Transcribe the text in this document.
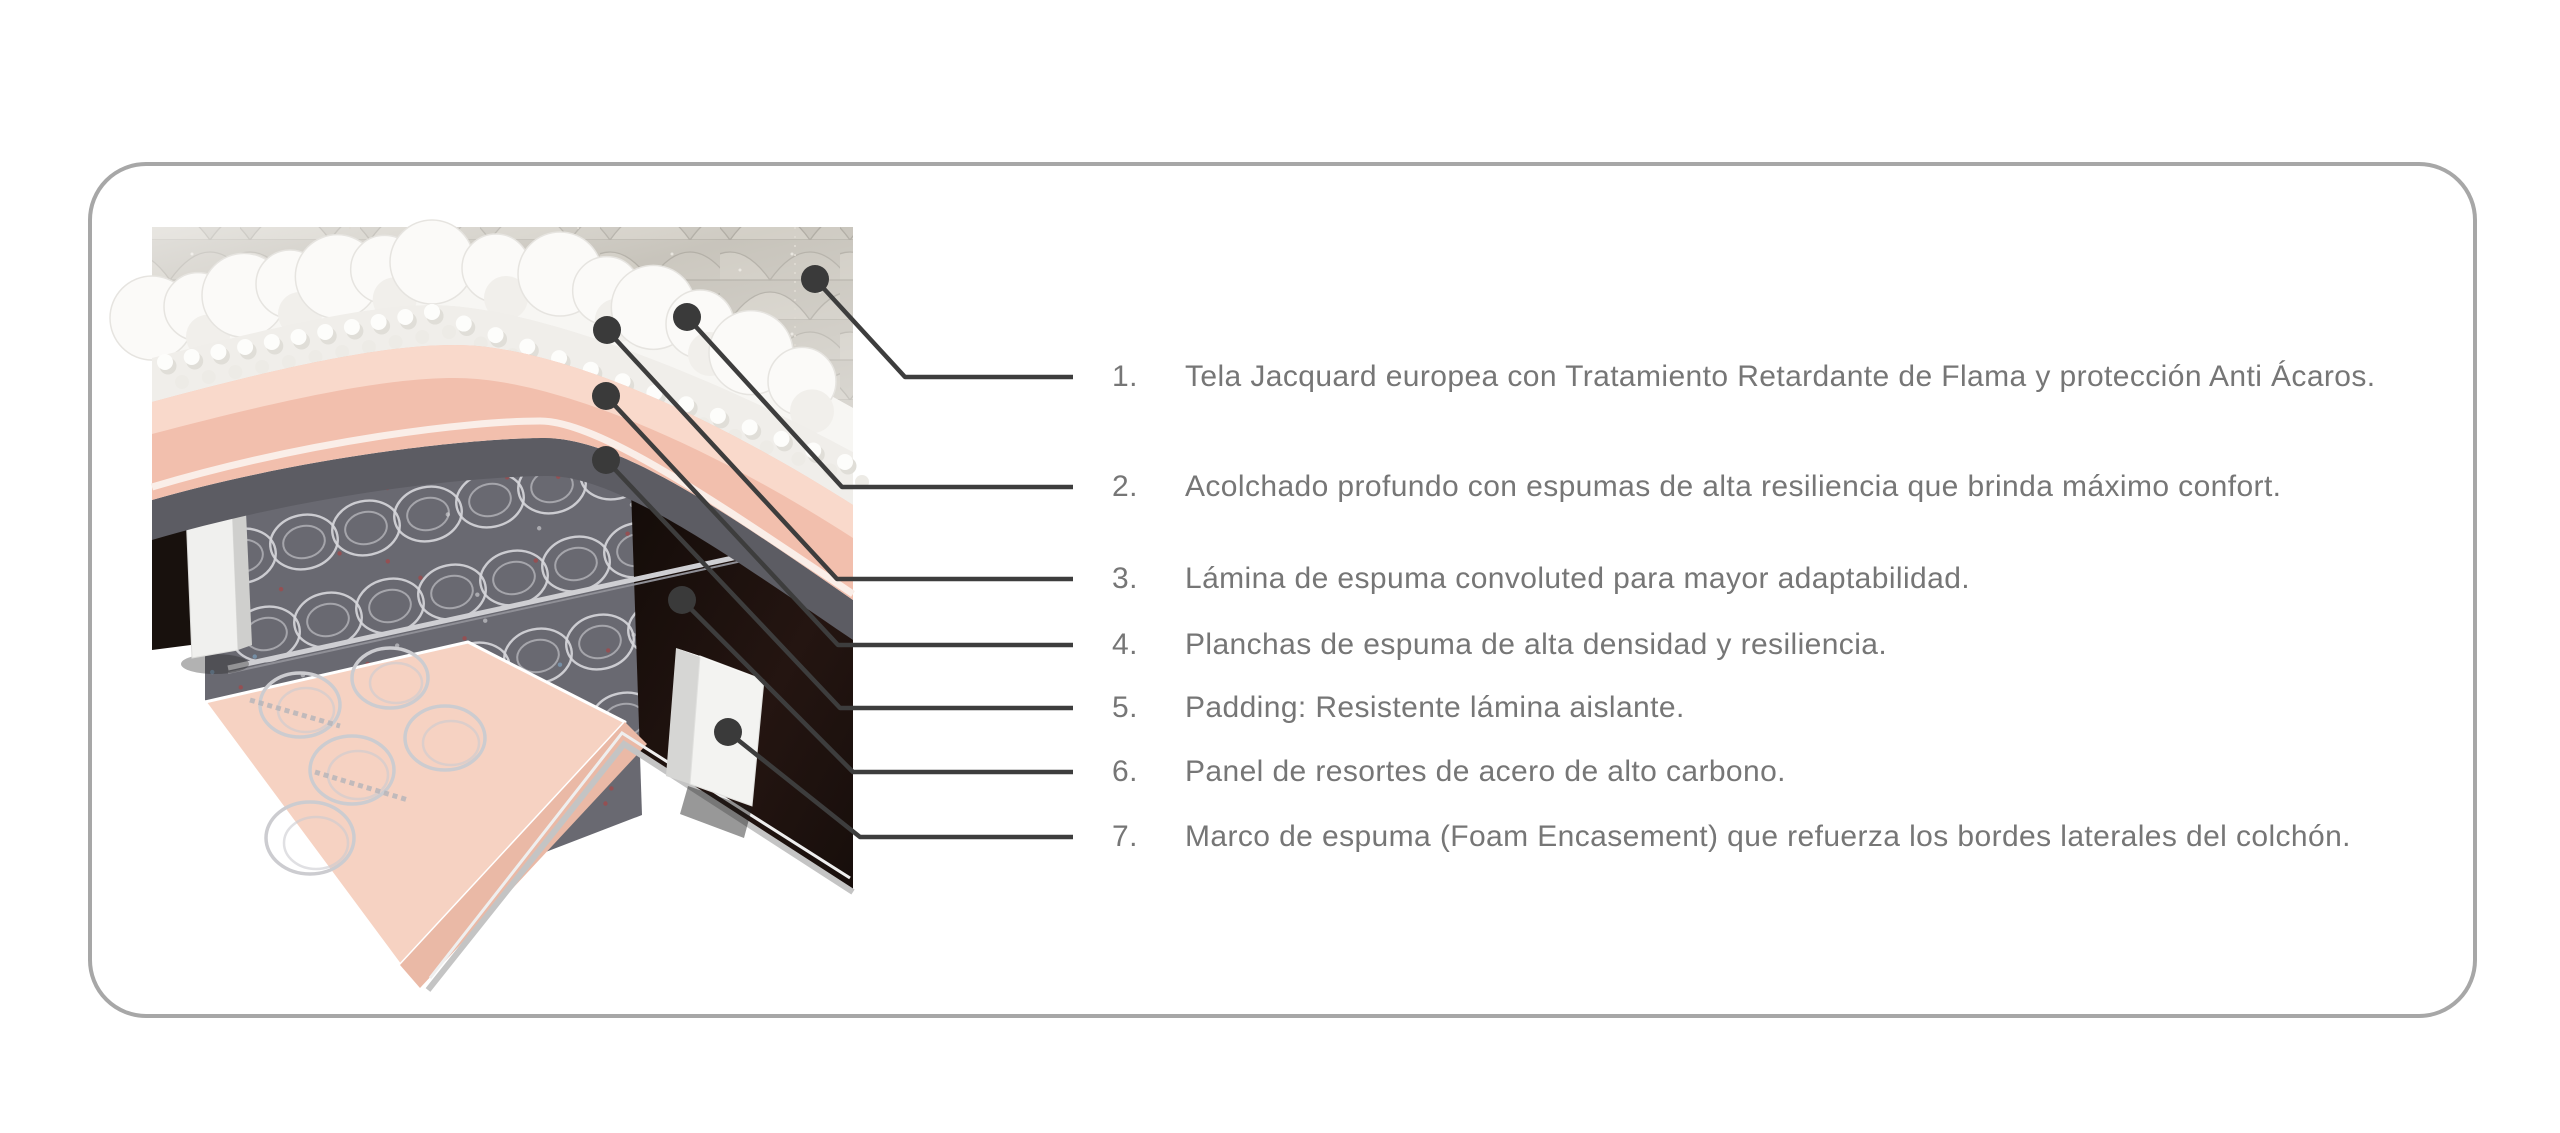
1.	Tela Jacquard europea con Tratamiento Retardante de Flama y protección Anti Ácaros.
2.	Acolchado profundo con espumas de alta resiliencia que brinda máximo confort.
3.	Lámina de espuma convoluted para mayor adaptabilidad.
4.	Planchas de espuma de alta densidad y resiliencia.
5.	Padding: Resistente lámina aislante.
6.	Panel de resortes de acero de alto carbono.
7.	Marco de espuma (Foam Encasement) que refuerza los bordes laterales del colchón.
